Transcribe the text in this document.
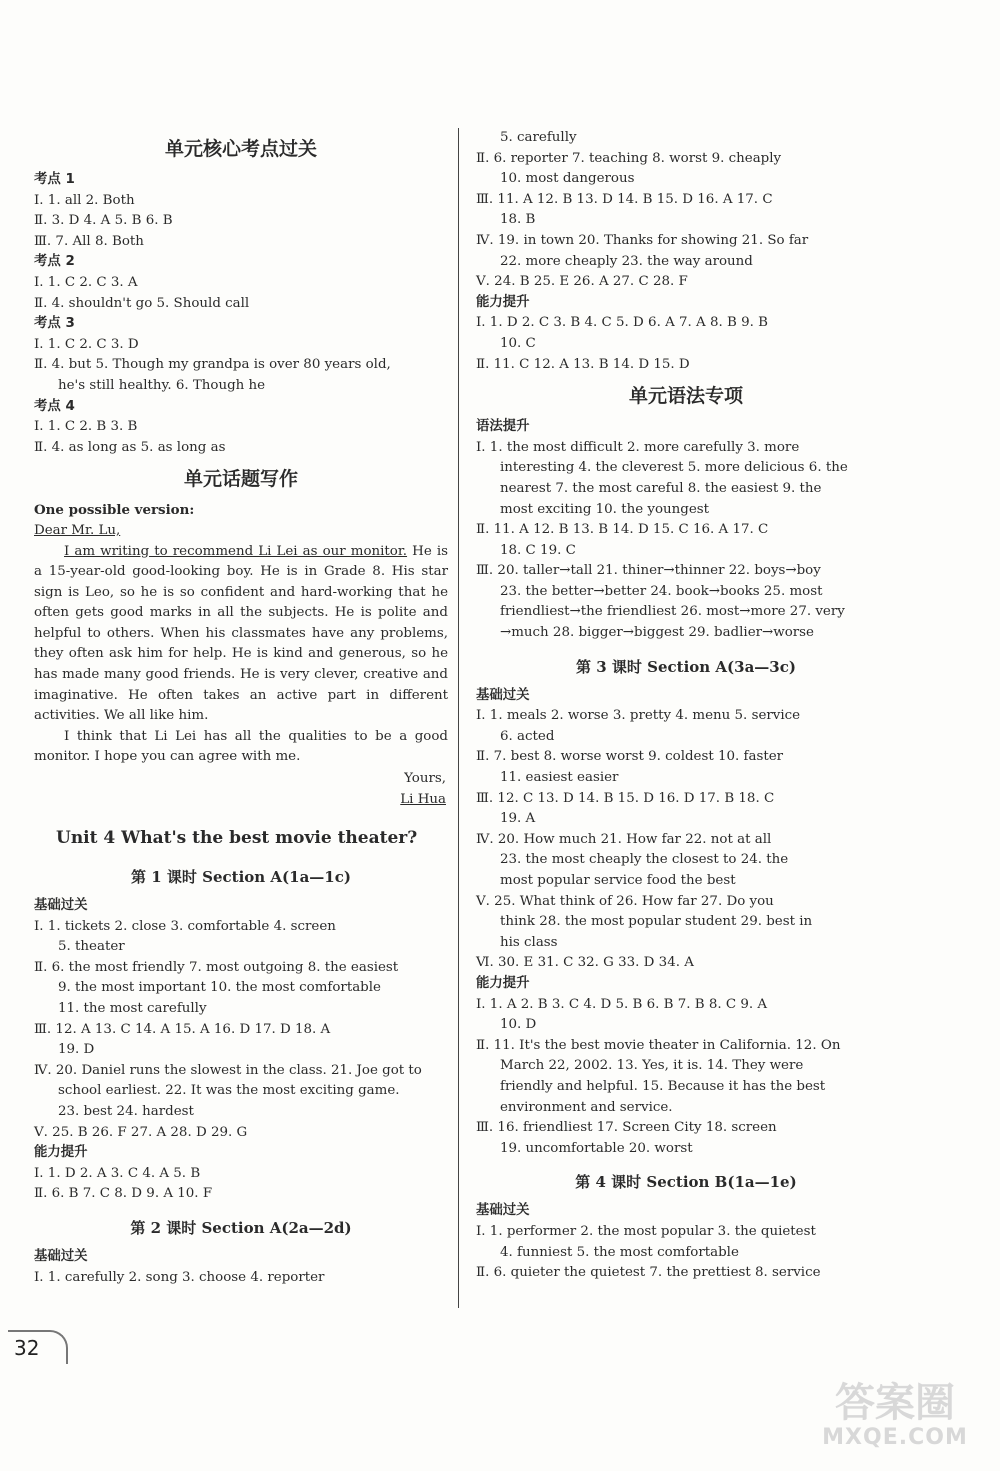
单元核心考点过关
考点 1
Ⅰ. 1. all 2. Both
Ⅱ. 3. D 4. A 5. B 6. B
Ⅲ. 7. All 8. Both
考点 2
Ⅰ. 1. C 2. C 3. A
Ⅱ. 4. shouldn't go 5. Should call
考点 3
Ⅰ. 1. C 2. C 3. D
Ⅱ. 4. but 5. Though my grandpa is over 80 years old,
he's still healthy. 6. Though he
考点 4
Ⅰ. 1. C 2. B 3. B
Ⅱ. 4. as long as 5. as long as
单元话题写作
One possible version:
Dear Mr. Lu,
I am writing to recommend Li Lei as our monitor. He is a 15-year-old good-looking boy. He is in Grade 8. His star sign is Leo, so he is so confident and hard-working that he often gets good marks in all the subjects. He is polite and helpful to others. When his classmates have any problems, they often ask him for help. He is kind and generous, so he has made many good friends. He is very clever, creative and imaginative. He often takes an active part in different activities. We all like him.
I think that Li Lei has all the qualities to be a good monitor. I hope you can agree with me.
Yours,
Li Hua
Unit 4 What's the best movie theater?
第 1 课时 Section A(1a—1c)
基础过关
Ⅰ. 1. tickets 2. close 3. comfortable 4. screen
5. theater
Ⅱ. 6. the most friendly 7. most outgoing 8. the easiest
9. the most important 10. the most comfortable
11. the most carefully
Ⅲ. 12. A 13. C 14. A 15. A 16. D 17. D 18. A
19. D
Ⅳ. 20. Daniel runs the slowest in the class. 21. Joe got to
school earliest. 22. It was the most exciting game.
23. best 24. hardest
Ⅴ. 25. B 26. F 27. A 28. D 29. G
能力提升
Ⅰ. 1. D 2. A 3. C 4. A 5. B
Ⅱ. 6. B 7. C 8. D 9. A 10. F
第 2 课时 Section A(2a—2d)
基础过关
Ⅰ. 1. carefully 2. song 3. choose 4. reporter
5. carefully
Ⅱ. 6. reporter 7. teaching 8. worst 9. cheaply
10. most dangerous
Ⅲ. 11. A 12. B 13. D 14. B 15. D 16. A 17. C
18. B
Ⅳ. 19. in town 20. Thanks for showing 21. So far
22. more cheaply 23. the way around
Ⅴ. 24. B 25. E 26. A 27. C 28. F
能力提升
Ⅰ. 1. D 2. C 3. B 4. C 5. D 6. A 7. A 8. B 9. B
10. C
Ⅱ. 11. C 12. A 13. B 14. D 15. D
单元语法专项
语法提升
Ⅰ. 1. the most difficult 2. more carefully 3. more
interesting 4. the cleverest 5. more delicious 6. the
nearest 7. the most careful 8. the easiest 9. the
most exciting 10. the youngest
Ⅱ. 11. A 12. B 13. B 14. D 15. C 16. A 17. C
18. C 19. C
Ⅲ. 20. taller→tall 21. thiner→thinner 22. boys→boy
23. the better→better 24. book→books 25. most
friendliest→the friendliest 26. most→more 27. very
→much 28. bigger→biggest 29. badlier→worse
第 3 课时 Section A(3a—3c)
基础过关
Ⅰ. 1. meals 2. worse 3. pretty 4. menu 5. service
6. acted
Ⅱ. 7. best 8. worse worst 9. coldest 10. faster
11. easiest easier
Ⅲ. 12. C 13. D 14. B 15. D 16. D 17. B 18. C
19. A
Ⅳ. 20. How much 21. How far 22. not at all
23. the most cheaply the closest to 24. the
most popular service food the best
Ⅴ. 25. What think of 26. How far 27. Do you
think 28. the most popular student 29. best in
his class
Ⅵ. 30. E 31. C 32. G 33. D 34. A
能力提升
Ⅰ. 1. A 2. B 3. C 4. D 5. B 6. B 7. B 8. C 9. A
10. D
Ⅱ. 11. It's the best movie theater in California. 12. On
March 22, 2002. 13. Yes, it is. 14. They were
friendly and helpful. 15. Because it has the best
environment and service.
Ⅲ. 16. friendliest 17. Screen City 18. screen
19. uncomfortable 20. worst
第 4 课时 Section B(1a—1e)
基础过关
Ⅰ. 1. performer 2. the most popular 3. the quietest
4. funniest 5. the most comfortable
Ⅱ. 6. quieter the quietest 7. the prettiest 8. service
32
答案圈
MXQE.COM
